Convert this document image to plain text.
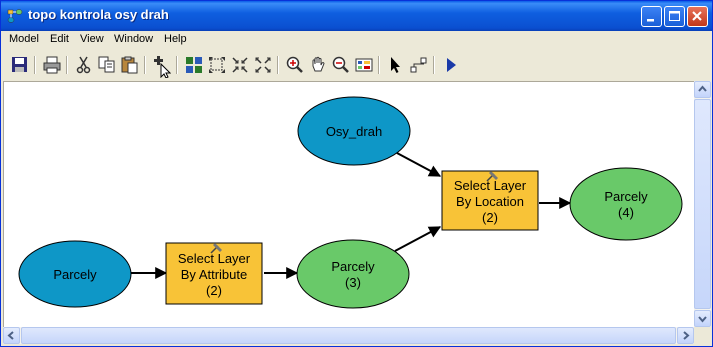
topo kontrola osy drah
Model Edit View Window Help
Parcely
Osy_drah
Select Layer
By Attribute
(2)
Parcely
(3)
Select Layer
By Location
(2)
Parcely
(4)
